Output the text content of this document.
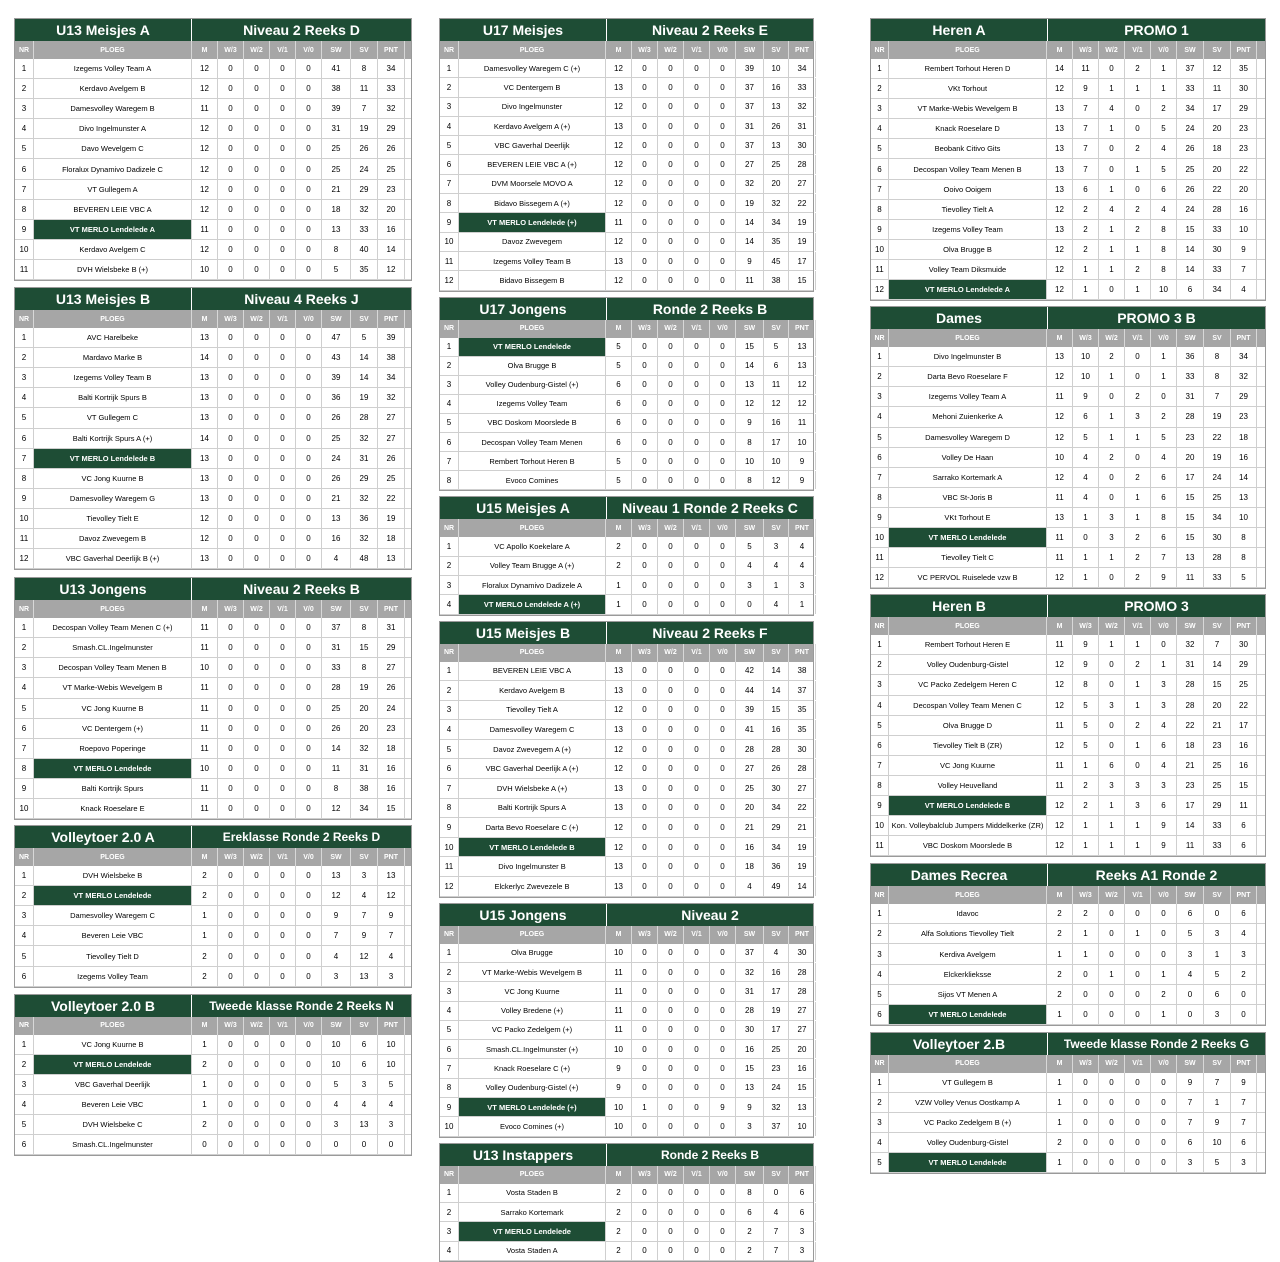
U13 Meisjes A	Niveau 2 Reeks D
NR	PLOEG	M	W/3	W/2	V/1	V/0	SW	SV	PNT
1	Izegems Volley Team A	12	0	0	0	0	41	8	34
2	Kerdavo Avelgem B	12	0	0	0	0	38	11	33
3	Damesvolley Waregem B	11	0	0	0	0	39	7	32
4	Divo Ingelmunster A	12	0	0	0	0	31	19	29
5	Davo Wevelgem C	12	0	0	0	0	25	26	26
6	Floralux Dynamivo Dadizele C	12	0	0	0	0	25	24	25
7	VT Gullegem A	12	0	0	0	0	21	29	23
8	BEVEREN LEIE VBC A	12	0	0	0	0	18	32	20
9	VT MERLO Lendelede A	11	0	0	0	0	13	33	16
10	Kerdavo Avelgem C	12	0	0	0	0	8	40	14
11	DVH Wielsbeke B (+)	10	0	0	0	0	5	35	12
U13 Meisjes B	Niveau 4 Reeks J
NR	PLOEG	M	W/3	W/2	V/1	V/0	SW	SV	PNT
1	AVC Harelbeke	13	0	0	0	0	47	5	39
2	Mardavo Marke B	14	0	0	0	0	43	14	38
3	Izegems Volley Team B	13	0	0	0	0	39	14	34
4	Balti Kortrijk Spurs B	13	0	0	0	0	36	19	32
5	VT Gullegem C	13	0	0	0	0	26	28	27
6	Balti Kortrijk Spurs A (+)	14	0	0	0	0	25	32	27
7	VT MERLO Lendelede B	13	0	0	0	0	24	31	26
8	VC Jong Kuurne B	13	0	0	0	0	26	29	25
9	Damesvolley Waregem G	13	0	0	0	0	21	32	22
10	Tievolley Tielt E	12	0	0	0	0	13	36	19
11	Davoz Zwevegem B	12	0	0	0	0	16	32	18
12	VBC Gaverhal Deerlijk B (+)	13	0	0	0	0	4	48	13
U13 Jongens	Niveau 2 Reeks B
NR	PLOEG	M	W/3	W/2	V/1	V/0	SW	SV	PNT
1	Decospan Volley Team Menen C (+)	11	0	0	0	0	37	8	31
2	Smash.CL.Ingelmunster	11	0	0	0	0	31	15	29
3	Decospan Volley Team Menen B	10	0	0	0	0	33	8	27
4	VT Marke-Webis Wevelgem B	11	0	0	0	0	28	19	26
5	VC Jong Kuurne B	11	0	0	0	0	25	20	24
6	VC Dentergem (+)	11	0	0	0	0	26	20	23
7	Roepovo Poperinge	11	0	0	0	0	14	32	18
8	VT MERLO Lendelede	10	0	0	0	0	11	31	16
9	Balti Kortrijk Spurs	11	0	0	0	0	8	38	16
10	Knack Roeselare E	11	0	0	0	0	12	34	15
Volleytoer 2.0 A	Ereklasse Ronde 2 Reeks D
NR	PLOEG	M	W/3	W/2	V/1	V/0	SW	SV	PNT
1	DVH Wielsbeke B	2	0	0	0	0	13	3	13
2	VT MERLO Lendelede	2	0	0	0	0	12	4	12
3	Damesvolley Waregem C	1	0	0	0	0	9	7	9
4	Beveren Leie VBC	1	0	0	0	0	7	9	7
5	Tievolley Tielt D	2	0	0	0	0	4	12	4
6	Izegems Volley Team	2	0	0	0	0	3	13	3
Volleytoer 2.0 B	Tweede klasse Ronde 2 Reeks N
NR	PLOEG	M	W/3	W/2	V/1	V/0	SW	SV	PNT
1	VC Jong Kuurne B	1	0	0	0	0	10	6	10
2	VT MERLO Lendelede	2	0	0	0	0	10	6	10
3	VBC Gaverhal Deerlijk	1	0	0	0	0	5	3	5
4	Beveren Leie VBC	1	0	0	0	0	4	4	4
5	DVH Wielsbeke C	2	0	0	0	0	3	13	3
6	Smash.CL.Ingelmunster	0	0	0	0	0	0	0	0
U17 Meisjes	Niveau 2 Reeks E
NR	PLOEG	M	W/3	W/2	V/1	V/0	SW	SV	PNT
1	Damesvolley Waregem C (+)	12	0	0	0	0	39	10	34
2	VC Dentergem B	13	0	0	0	0	37	16	33
3	Divo Ingelmunster	12	0	0	0	0	37	13	32
4	Kerdavo Avelgem A (+)	13	0	0	0	0	31	26	31
5	VBC Gaverhal Deerlijk	12	0	0	0	0	37	13	30
6	BEVEREN LEIE VBC A (+)	12	0	0	0	0	27	25	28
7	DVM Moorsele MOVO A	12	0	0	0	0	32	20	27
8	Bidavo Bissegem A (+)	12	0	0	0	0	19	32	22
9	VT MERLO Lendelede (+)	11	0	0	0	0	14	34	19
10	Davoz Zwevegem	12	0	0	0	0	14	35	19
11	Izegems Volley Team B	13	0	0	0	0	9	45	17
12	Bidavo Bissegem B	12	0	0	0	0	11	38	15
U17 Jongens	Ronde 2 Reeks B
NR	PLOEG	M	W/3	W/2	V/1	V/0	SW	SV	PNT
1	VT MERLO Lendelede	5	0	0	0	0	15	5	13
2	Olva Brugge B	5	0	0	0	0	14	6	13
3	Volley Oudenburg-Gistel (+)	6	0	0	0	0	13	11	12
4	Izegems Volley Team	6	0	0	0	0	12	12	12
5	VBC Doskom Moorslede B	6	0	0	0	0	9	16	11
6	Decospan Volley Team Menen	6	0	0	0	0	8	17	10
7	Rembert Torhout Heren B	5	0	0	0	0	10	10	9
8	Evoco Comines	5	0	0	0	0	8	12	9
U15 Meisjes A	Niveau 1 Ronde 2 Reeks C
NR	PLOEG	M	W/3	W/2	V/1	V/0	SW	SV	PNT
1	VC Apollo Koekelare A	2	0	0	0	0	5	3	4
2	Volley Team Brugge A (+)	2	0	0	0	0	4	4	4
3	Floralux Dynamivo Dadizele A	1	0	0	0	0	3	1	3
4	VT MERLO Lendelede A (+)	1	0	0	0	0	0	4	1
U15 Meisjes B	Niveau 2 Reeks F
NR	PLOEG	M	W/3	W/2	V/1	V/0	SW	SV	PNT
1	BEVEREN LEIE VBC A	13	0	0	0	0	42	14	38
2	Kerdavo Avelgem B	13	0	0	0	0	44	14	37
3	Tievolley Tielt A	12	0	0	0	0	39	15	35
4	Damesvolley Waregem C	13	0	0	0	0	41	16	35
5	Davoz Zwevegem A (+)	12	0	0	0	0	28	28	30
6	VBC Gaverhal Deerlijk A (+)	12	0	0	0	0	27	26	28
7	DVH Wielsbeke A (+)	13	0	0	0	0	25	30	27
8	Balti Kortrijk Spurs A	13	0	0	0	0	20	34	22
9	Darta Bevo Roeselare C (+)	12	0	0	0	0	21	29	21
10	VT MERLO Lendelede B	12	0	0	0	0	16	34	19
11	Divo Ingelmunster B	13	0	0	0	0	18	36	19
12	Elckerlyc Zwevezele B	13	0	0	0	0	4	49	14
U15 Jongens	Niveau 2
NR	PLOEG	M	W/3	W/2	V/1	V/0	SW	SV	PNT
1	Olva Brugge	10	0	0	0	0	37	4	30
2	VT Marke-Webis Wevelgem B	11	0	0	0	0	32	16	28
3	VC Jong Kuurne	11	0	0	0	0	31	17	28
4	Volley Bredene (+)	11	0	0	0	0	28	19	27
5	VC Packo Zedelgem (+)	11	0	0	0	0	30	17	27
6	Smash.CL.Ingelmunster (+)	10	0	0	0	0	16	25	20
7	Knack Roeselare C (+)	9	0	0	0	0	15	23	16
8	Volley Oudenburg-Gistel (+)	9	0	0	0	0	13	24	15
9	VT MERLO Lendelede (+)	10	1	0	0	9	9	32	13
10	Evoco Comines (+)	10	0	0	0	0	3	37	10
U13 Instappers	Ronde 2 Reeks B
NR	PLOEG	M	W/3	W/2	V/1	V/0	SW	SV	PNT
1	Vosta Staden B	2	0	0	0	0	8	0	6
2	Sarrako Kortemark	2	0	0	0	0	6	4	6
3	VT MERLO Lendelede	2	0	0	0	0	2	7	3
4	Vosta Staden A	2	0	0	0	0	2	7	3
Heren A	PROMO 1
NR	PLOEG	M	W/3	W/2	V/1	V/0	SW	SV	PNT
1	Rembert Torhout Heren D	14	11	0	2	1	37	12	35
2	VKt Torhout	12	9	1	1	1	33	11	30
3	VT Marke-Webis Wevelgem B	13	7	4	0	2	34	17	29
4	Knack Roeselare D	13	7	1	0	5	24	20	23
5	Beobank Citivo Gits	13	7	0	2	4	26	18	23
6	Decospan Volley Team Menen B	13	7	0	1	5	25	20	22
7	Ooivo Ooigem	13	6	1	0	6	26	22	20
8	Tievolley Tielt A	12	2	4	2	4	24	28	16
9	Izegems Volley Team	13	2	1	2	8	15	33	10
10	Olva Brugge B	12	2	1	1	8	14	30	9
11	Volley Team Diksmuide	12	1	1	2	8	14	33	7
12	VT MERLO Lendelede A	12	1	0	1	10	6	34	4
Dames	PROMO 3 B
NR	PLOEG	M	W/3	W/2	V/1	V/0	SW	SV	PNT
1	Divo Ingelmunster B	13	10	2	0	1	36	8	34
2	Darta Bevo Roeselare F	12	10	1	0	1	33	8	32
3	Izegems Volley Team A	11	9	0	2	0	31	7	29
4	Mehoni Zuienkerke A	12	6	1	3	2	28	19	23
5	Damesvolley Waregem D	12	5	1	1	5	23	22	18
6	Volley De Haan	10	4	2	0	4	20	19	16
7	Sarrako Kortemark A	12	4	0	2	6	17	24	14
8	VBC St-Joris B	11	4	0	1	6	15	25	13
9	VKt Torhout E	13	1	3	1	8	15	34	10
10	VT MERLO Lendelede	11	0	3	2	6	15	30	8
11	Tievolley Tielt C	11	1	1	2	7	13	28	8
12	VC PERVOL Ruiselede vzw B	12	1	0	2	9	11	33	5
Heren B	PROMO 3
NR	PLOEG	M	W/3	W/2	V/1	V/0	SW	SV	PNT
1	Rembert Torhout Heren E	11	9	1	1	0	32	7	30
2	Volley Oudenburg-Gistel	12	9	0	2	1	31	14	29
3	VC Packo Zedelgem Heren C	12	8	0	1	3	28	15	25
4	Decospan Volley Team Menen C	12	5	3	1	3	28	20	22
5	Olva Brugge D	11	5	0	2	4	22	21	17
6	Tievolley Tielt B (ZR)	12	5	0	1	6	18	23	16
7	VC Jong Kuurne	11	1	6	0	4	21	25	16
8	Volley Heuvelland	11	2	3	3	3	23	25	15
9	VT MERLO Lendelede B	12	2	1	3	6	17	29	11
10	Kon. Volleybalclub Jumpers Middelkerke (ZR)	12	1	1	1	9	14	33	6
11	VBC Doskom Moorslede B	12	1	1	1	9	11	33	6
Dames Recrea	Reeks A1 Ronde 2
NR	PLOEG	M	W/3	W/2	V/1	V/0	SW	SV	PNT
1	Idavoc	2	2	0	0	0	6	0	6
2	Alfa Solutions Tievolley Tielt	2	1	0	1	0	5	3	4
3	Kerdiva Avelgem	1	1	0	0	0	3	1	3
4	Elckerklieksse	2	0	1	0	1	4	5	2
5	Sijos VT Menen A	2	0	0	0	2	0	6	0
6	VT MERLO Lendelede	1	0	0	0	1	0	3	0
Volleytoer 2.B	Tweede klasse Ronde 2 Reeks G
NR	PLOEG	M	W/3	W/2	V/1	V/0	SW	SV	PNT
1	VT Gullegem B	1	0	0	0	0	9	7	9
2	VZW Volley Venus Oostkamp A	1	0	0	0	0	7	1	7
3	VC Packo Zedelgem B (+)	1	0	0	0	0	7	9	7
4	Volley Oudenburg-Gistel	2	0	0	0	0	6	10	6
5	VT MERLO Lendelede	1	0	0	0	0	3	5	3
